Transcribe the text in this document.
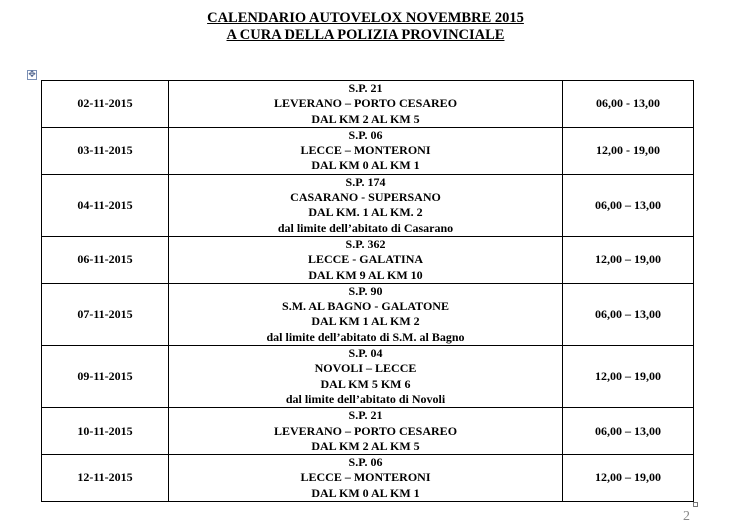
CALENDARIO AUTOVELOX NOVEMBRE 2015
A CURA DELLA POLIZIA PROVINCIALE
✥
02-11-2015	S.P. 21
LEVERANO – PORTO CESAREO
DAL KM 2 AL KM 5	06,00 - 13,00
03-11-2015	S.P. 06
LECCE – MONTERONI
DAL KM 0 AL KM 1	12,00 - 19,00
04-11-2015	S.P. 174
CASARANO - SUPERSANO
DAL KM. 1 AL KM. 2
dal limite dell’abitato di Casarano	06,00 – 13,00
06-11-2015	S.P. 362
LECCE - GALATINA
DAL KM 9 AL KM 10	12,00 – 19,00
07-11-2015	S.P. 90
S.M. AL BAGNO - GALATONE
DAL KM 1 AL KM 2
dal limite dell’abitato di S.M. al Bagno	06,00 – 13,00
09-11-2015	S.P. 04
NOVOLI – LECCE
DAL KM 5 KM 6
dal limite dell’abitato di Novoli	12,00 – 19,00
10-11-2015	S.P. 21
LEVERANO – PORTO CESAREO
DAL KM 2 AL KM 5	06,00 – 13,00
12-11-2015	S.P. 06
LECCE – MONTERONI
DAL KM 0 AL KM 1	12,00 – 19,00
2
